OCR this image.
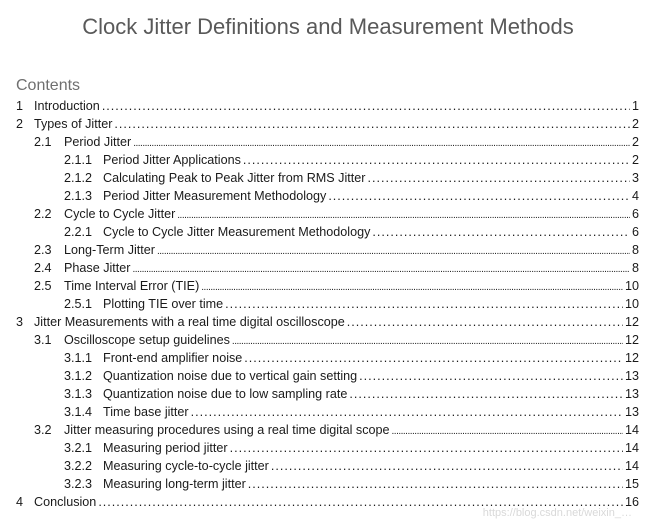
Clock Jitter Definitions and Measurement Methods
Contents
1 Introduction .....	1
2 Types of Jitter .....	2
2.1 Period Jitter .....	2
2.1.1 Period Jitter Applications .....	2
2.1.2 Calculating Peak to Peak Jitter from RMS Jitter .....	3
2.1.3 Period Jitter Measurement Methodology .....	4
2.2 Cycle to Cycle Jitter .....	6
2.2.1 Cycle to Cycle Jitter Measurement Methodology .....	6
2.3 Long-Term Jitter .....	8
2.4 Phase Jitter .....	8
2.5 Time Interval Error (TIE) .....	10
2.5.1 Plotting TIE over time .....	10
3 Jitter Measurements with a real time digital oscilloscope .....	12
3.1 Oscilloscope setup guidelines .....	12
3.1.1 Front-end amplifier noise .....	12
3.1.2 Quantization noise due to vertical gain setting .....	13
3.1.3 Quantization noise due to low sampling rate .....	13
3.1.4 Time base jitter .....	13
3.2 Jitter measuring procedures using a real time digital scope .....	14
3.2.1 Measuring period jitter .....	14
3.2.2 Measuring cycle-to-cycle jitter .....	14
3.2.3 Measuring long-term jitter .....	15
4 Conclusion .....	16
https://blog.csdn.net/weixin_…
